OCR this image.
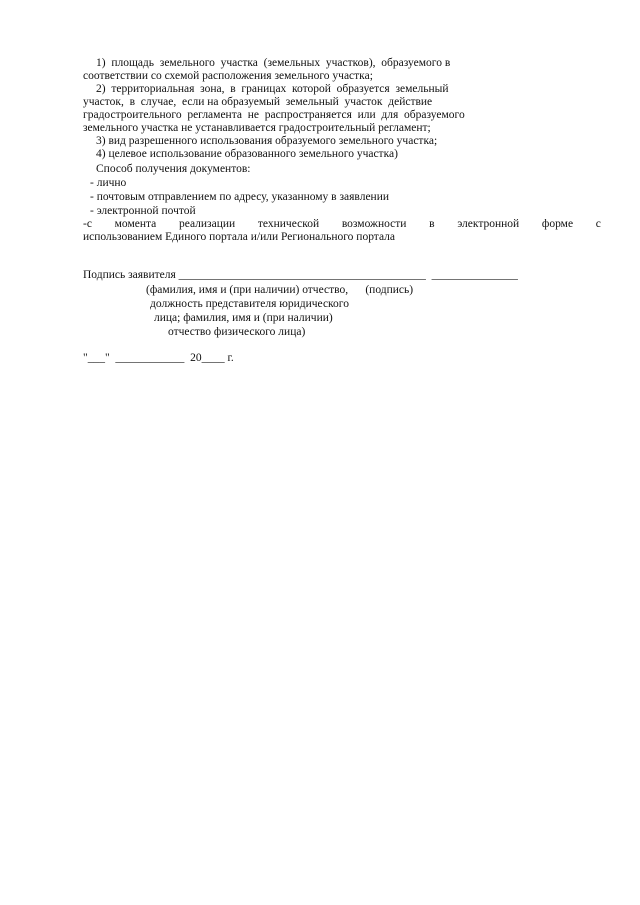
1)  площадь  земельного  участка  (земельных  участков),  образуемого в
соответствии со схемой расположения земельного участка;
2)  территориальная  зона,  в  границах  которой  образуется  земельный
участок,  в  случае,  если на образуемый  земельный  участок  действие
градостроительного  регламента  не  распространяется  или  для  образуемого
земельного участка не устанавливается градостроительный регламент;
3) вид разрешенного использования образуемого земельного участка;
4) целевое использование образованного земельного участка)
Способ получения документов:
- лично
- почтовым отправлением по адресу, указанному в заявлении
- электронной почтой
-с момента реализации технической возможности в электронной форме с
использованием Единого портала и/или Регионального портала
Подпись заявителя ___________________________________________  _______________
(фамилия, имя и (при наличии) отчество,      (подпись)
должность представителя юридического
лица; фамилия, имя и (при наличии)
отчество физического лица)
"___"  ____________  20____ г.
